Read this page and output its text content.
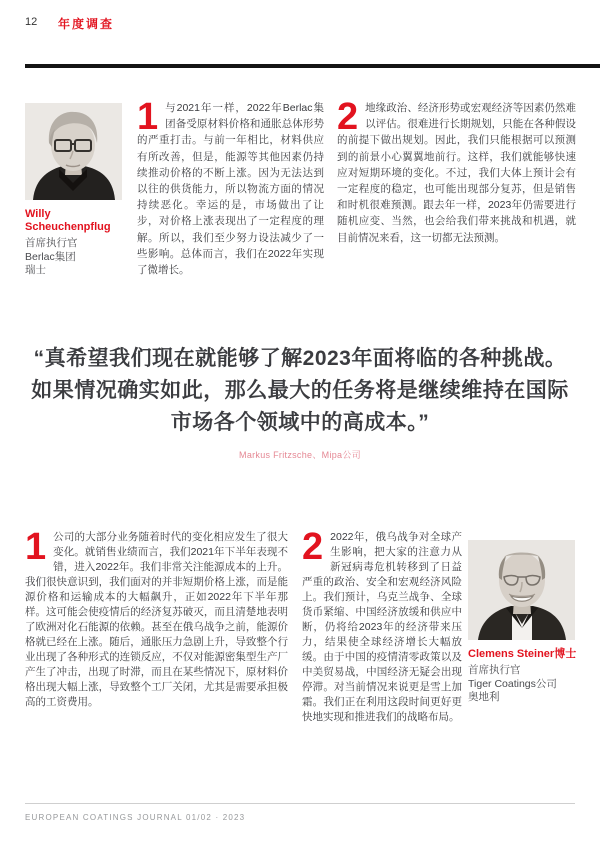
12 年度调查
Willy Scheuchenpflug
首席执行官
Berlac集团
瑞士
1 与2021年一样，2022年Berlac集团备受原材料价格和通胀总体形势的严重打击。与前一年相比，材料供应有所改善，但是，能源等其他因素仍持续推动价格的不断上涨。因为无法达到以往的供货能力，所以物流方面的情况持续恶化。幸运的是，市场做出了让步，对价格上涨表现出了一定程度的理解。所以，我们至少努力设法减少了一些影响。总体而言，我们在2022年实现了微增长。
2 地缘政治、经济形势或宏观经济等因素仍然难以评估。很难进行长期规划，只能在各种假设的前提下做出规划。因此，我们只能根据可以预测到的前景小心翼翼地前行。这样，我们就能够快速应对短期环境的变化。不过，我们大体上预计会有一定程度的稳定，也可能出现部分复苏，但是销售和时机很难预测。跟去年一样，2023年仍需要进行随机应变、当然，也会给我们带来挑战和机遇，就目前情况来看，这一切都无法预测。
“真希望我们现在就能够了解2023年面将临的各种挑战。如果情况确实如此，那么最大的任务将是继续维持在国际市场各个领域中的高成本。”
Markus Fritzsche、Mipa公司
1 公司的大部分业务随着时代的变化相应发生了很大变化。就销售业绩而言，我们2021年下半年表现不错，进入2022年。我们非常关注能源成本的上升。我们很快意识到，我们面对的并非短期价格上涨，而是能源价格和运输成本的大幅飙升，正如2022年下半年那样。这可能会使疫情后的经济复苏破灭，而且清楚地表明了欧洲对化石能源的依赖。甚至在俄乌战争之前，能源价格就已经在上涨。随后，通胀压力急剧上升，导致整个行业出现了各种形式的连锁反应，不仅对能源密集型生产厂产生了冲击，出现了时滞，而且在某些情况下，原材料价格出现大幅上涨，导致整个工厂关闭，尤其是需要承担极高的工资费用。
2 2022年，俄乌战争对全球产生影响，把大家的注意力从新冠病毒危机转移到了日益严重的政治、安全和宏观经济风险上。我们预计，乌克兰战争、全球货币紧缩、中国经济放缓和供应中断，仍将给2023年的经济带来压力，结果使全球经济增长大幅放缓。由于中国的疫情清零政策以及中美贸易战，中国经济无疑会出现停滞。对当前情况来说更是雪上加霜。我们正在利用这段时间更好更快地实现和推进我们的战略布局。
Clemens Steiner博士
首席执行官
Tiger Coatings公司
奥地利
EUROPEAN COATINGS JOURNAL 01/02 · 2023
